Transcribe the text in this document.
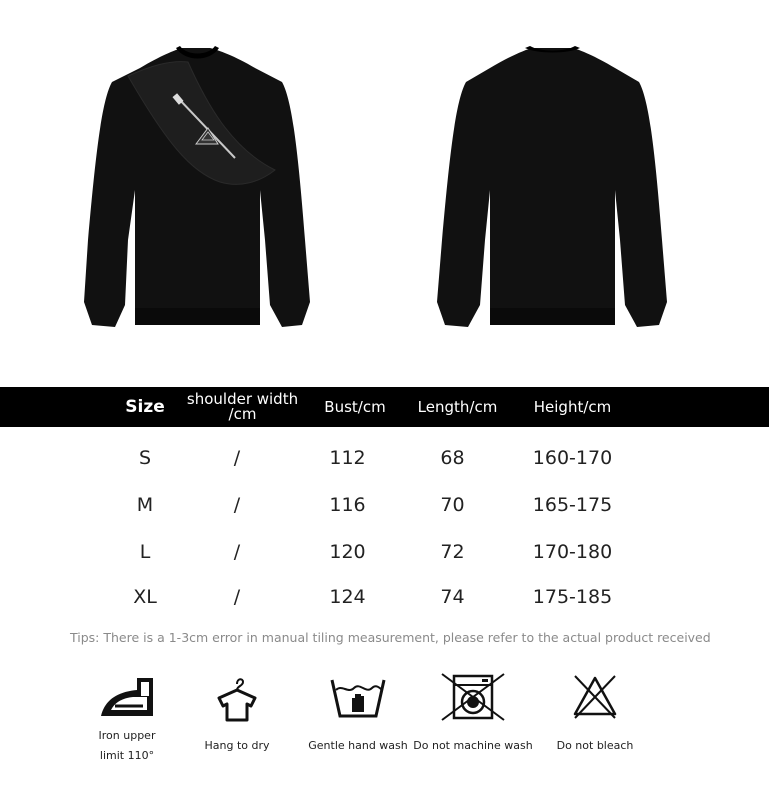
Size	shoulder width /cm	Bust/cm	Length/cm	Height/cm
S	/	112	68	160-170
M	/	116	70	165-175
L	/	120	72	170-180
XL	/	124	74	175-185
Tips: There is a 1-3cm error in manual tiling measurement, please refer to the actual product received
Iron upper
limit 110°
Hang to dry	Gentle hand wash Do not machine wash	Do not bleach
